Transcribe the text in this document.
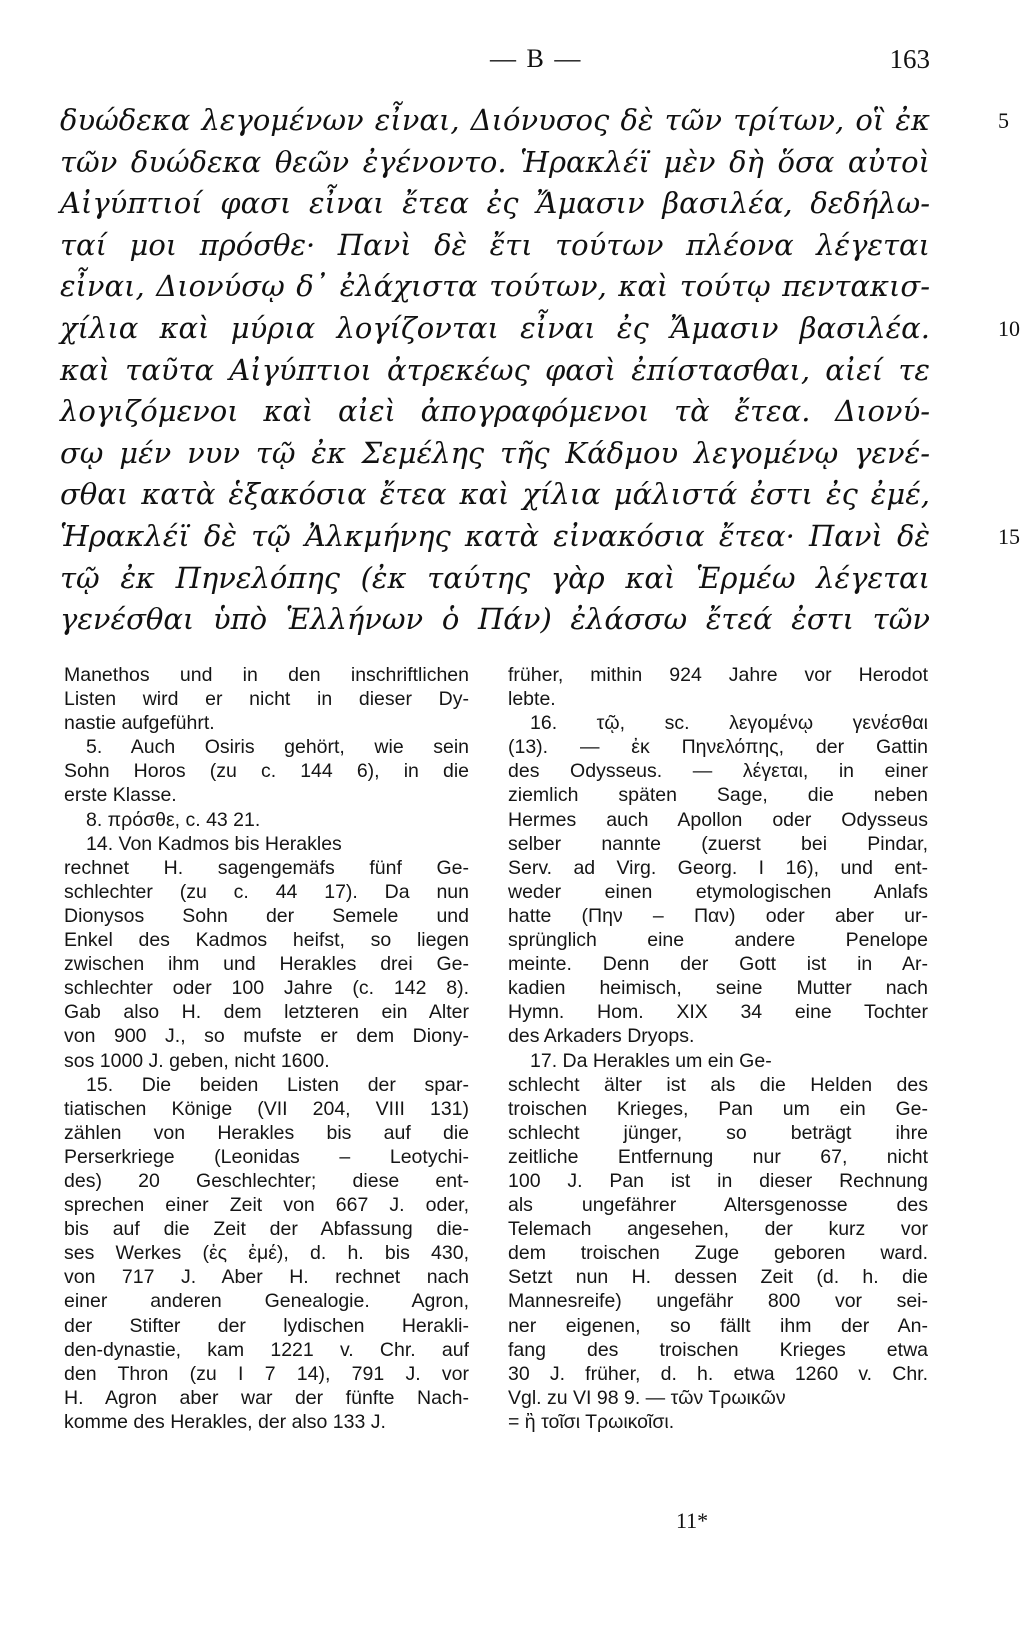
— B —	163
δυώδεκα λεγομένων εἶναι, Διόνυσος δὲ τῶν τρίτων, οἳ ἐκ	5
τῶν δυώδεκα θεῶν ἐγένοντο. Ἡρακλέϊ μὲν δὴ ὅσα αὐτοὶ
Αἰγύπτιοί φασι εἶναι ἔτεα ἐς Ἄμασιν βασιλέα, δεδήλω-
ταί μοι πρόσθε· Πανὶ δὲ ἔτι τούτων πλέονα λέγεται
εἶναι, Διονύσῳ δ᾽ ἐλάχιστα τούτων, καὶ τούτῳ πεντακισ-
χίλια καὶ μύρια λογίζονται εἶναι ἐς Ἄμασιν βασιλέα.	10
καὶ ταῦτα Αἰγύπτιοι ἀτρεκέως φασὶ ἐπίστασθαι, αἰεί τε
λογιζόμενοι καὶ αἰεὶ ἀπογραφόμενοι τὰ ἔτεα. Διονύ-
σῳ μέν νυν τῷ ἐκ Σεμέλης τῆς Κάδμου λεγομένῳ γενέ-
σθαι κατὰ ἑξακόσια ἔτεα καὶ χίλια μάλιστά ἐστι ἐς ἐμέ,
Ἡρακλέϊ δὲ τῷ Ἀλκμήνης κατὰ εἰνακόσια ἔτεα· Πανὶ δὲ	15
τῷ ἐκ Πηνελόπης (ἐκ ταύτης γὰρ καὶ Ἑρμέω λέγεται
γενέσθαι ὑπὸ Ἑλλήνων ὁ Πάν) ἐλάσσω ἔτεά ἐστι τῶν
Manethos und in den inschriftlichen
Listen wird er nicht in dieser Dy-
nastie aufgeführt.
5. Auch Osiris gehört, wie sein
Sohn Horos (zu c. 144 6), in die
erste Klasse.
8. πρόσθε, c. 43 21.
14. Von Kadmos bis Herakles
rechnet H. sagengemäfs fünf Ge-
schlechter (zu c. 44 17). Da nun
Dionysos Sohn der Semele und
Enkel des Kadmos heifst, so liegen
zwischen ihm und Herakles drei Ge-
schlechter oder 100 Jahre (c. 142 8).
Gab also H. dem letzteren ein Alter
von 900 J., so mufste er dem Diony-
sos 1000 J. geben, nicht 1600.
15. Die beiden Listen der spar-
tiatischen Könige (VII 204, VIII 131)
zählen von Herakles bis auf die
Perserkriege (Leonidas – Leotychi-
des) 20 Geschlechter; diese ent-
sprechen einer Zeit von 667 J. oder,
bis auf die Zeit der Abfassung die-
ses Werkes (ἐς ἐμέ), d. h. bis 430,
von 717 J. Aber H. rechnet nach
einer anderen Genealogie. Agron,
der Stifter der lydischen Herakli-
den-dynastie, kam 1221 v. Chr. auf
den Thron (zu I 7 14), 791 J. vor
H. Agron aber war der fünfte Nach-
komme des Herakles, der also 133 J.
früher, mithin 924 Jahre vor Herodot
lebte.
16. τῷ, sc. λεγομένῳ γενέσθαι
(13). — ἐκ Πηνελόπης, der Gattin
des Odysseus. — λέγεται, in einer
ziemlich späten Sage, die neben
Hermes auch Apollon oder Odysseus
selber nannte (zuerst bei Pindar,
Serv. ad Virg. Georg. I 16), und ent-
weder einen etymologischen Anlafs
hatte (Πην – Παν) oder aber ur-
sprünglich eine andere Penelope
meinte. Denn der Gott ist in Ar-
kadien heimisch, seine Mutter nach
Hymn. Hom. XIX 34 eine Tochter
des Arkaders Dryops.
17. Da Herakles um ein Ge-
schlecht älter ist als die Helden des
troischen Krieges, Pan um ein Ge-
schlecht jünger, so beträgt ihre
zeitliche Entfernung nur 67, nicht
100 J. Pan ist in dieser Rechnung
als ungefährer Altersgenosse des
Telemach angesehen, der kurz vor
dem troischen Zuge geboren ward.
Setzt nun H. dessen Zeit (d. h. die
Mannesreife) ungefähr 800 vor sei-
ner eigenen, so fällt ihm der An-
fang des troischen Krieges etwa
30 J. früher, d. h. etwa 1260 v. Chr.
Vgl. zu VI 98 9. — τῶν Τρωικῶν
= ἢ τοῖσι Τρωικοῖσι.
11*
